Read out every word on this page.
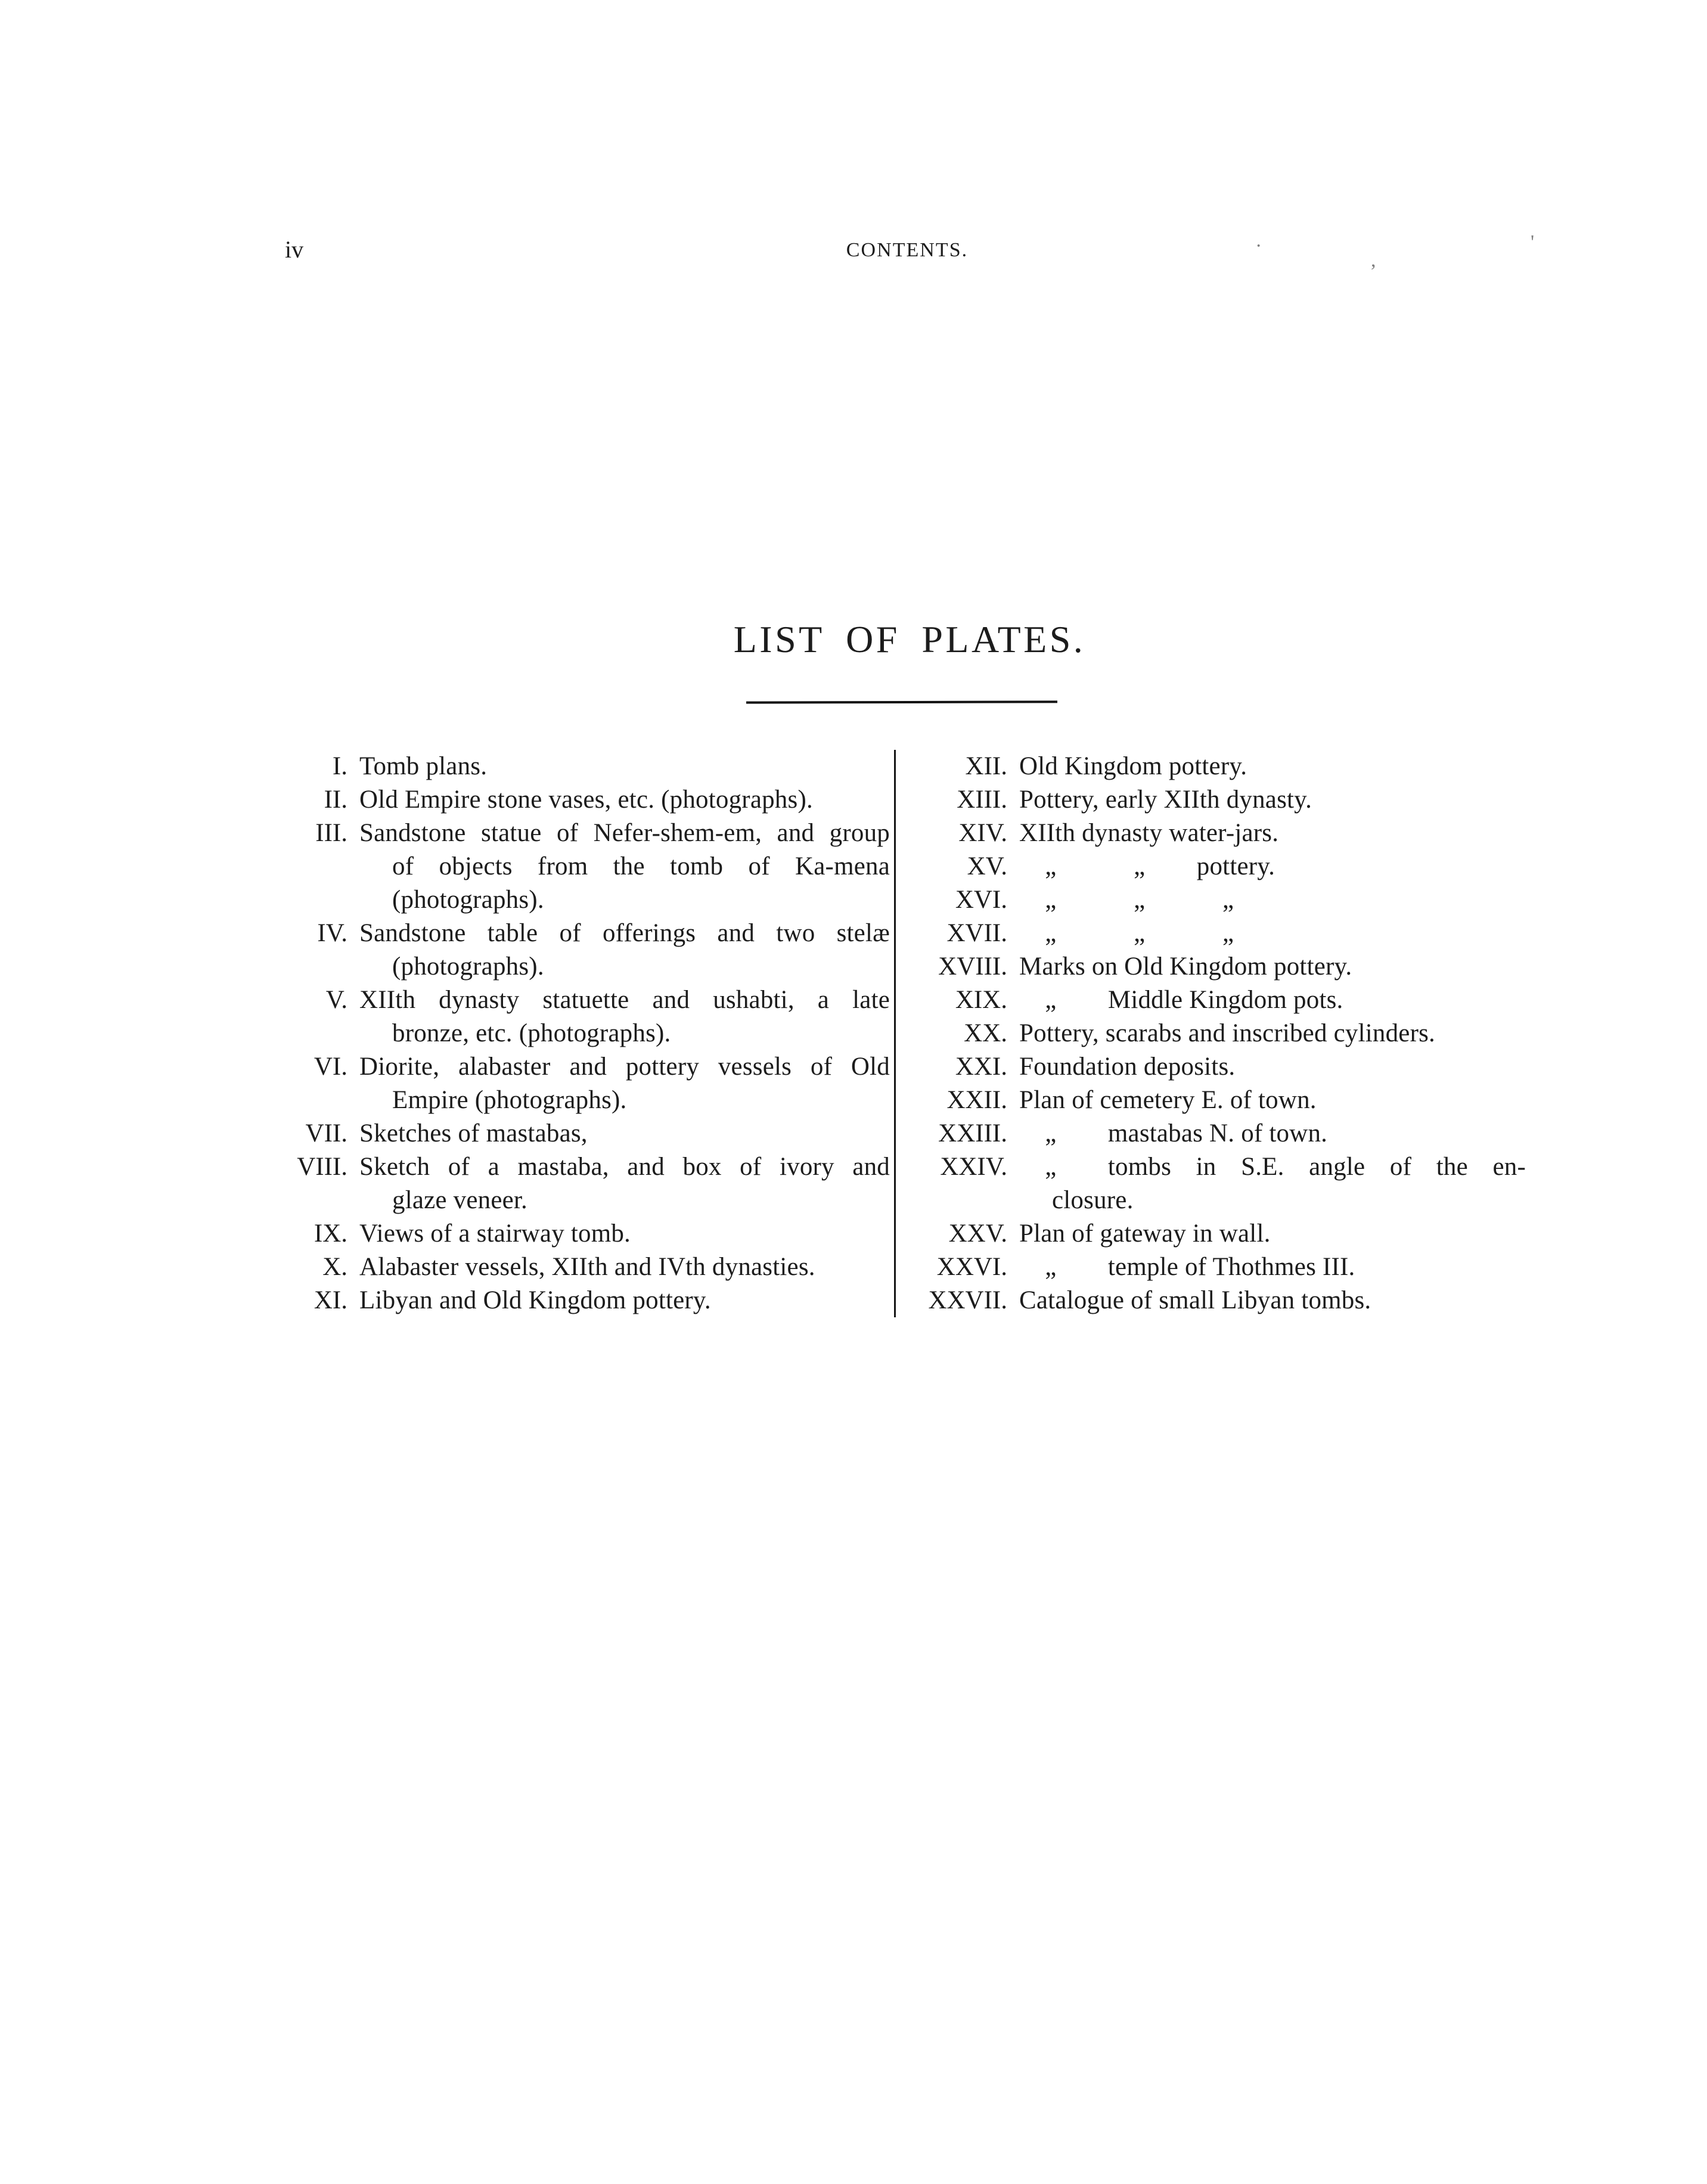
iv	CONTENTS.
LIST OF PLATES.
I. Tomb plans.
II. Old Empire stone vases, etc. (photographs).
III. Sandstone statue of Nefer-shem-em, and group
of objects from the tomb of Ka-mena
(photographs).
IV. Sandstone table of offerings and two stelæ
(photographs).
V. XIIth dynasty statuette and ushabti, a late
bronze, etc. (photographs).
VI. Diorite, alabaster and pottery vessels of Old
Empire (photographs).
VII. Sketches of mastabas,
VIII. Sketch of a mastaba, and box of ivory and
glaze veneer.
IX. Views of a stairway tomb.
X. Alabaster vessels, XIIth and IVth dynasties.
XI. Libyan and Old Kingdom pottery.
XII. Old Kingdom pottery.
XIII. Pottery, early XIIth dynasty.
XIV. XIIth dynasty water-jars.
XV.  „   „  pottery.
XVI.  „   „   „
XVII.  „   „   „
XVIII. Marks on Old Kingdom pottery.
XIX.  „  Middle Kingdom pots.
XX. Pottery, scarabs and inscribed cylinders.
XXI. Foundation deposits.
XXII. Plan of cemetery E. of town.
XXIII.  „  mastabas N. of town.
XXIV.  „  tombs in S.E. angle of the en-
closure.
XXV. Plan of gateway in wall.
XXVI.  „  temple of Thothmes III.
XXVII. Catalogue of small Libyan tombs.
'
,
·
